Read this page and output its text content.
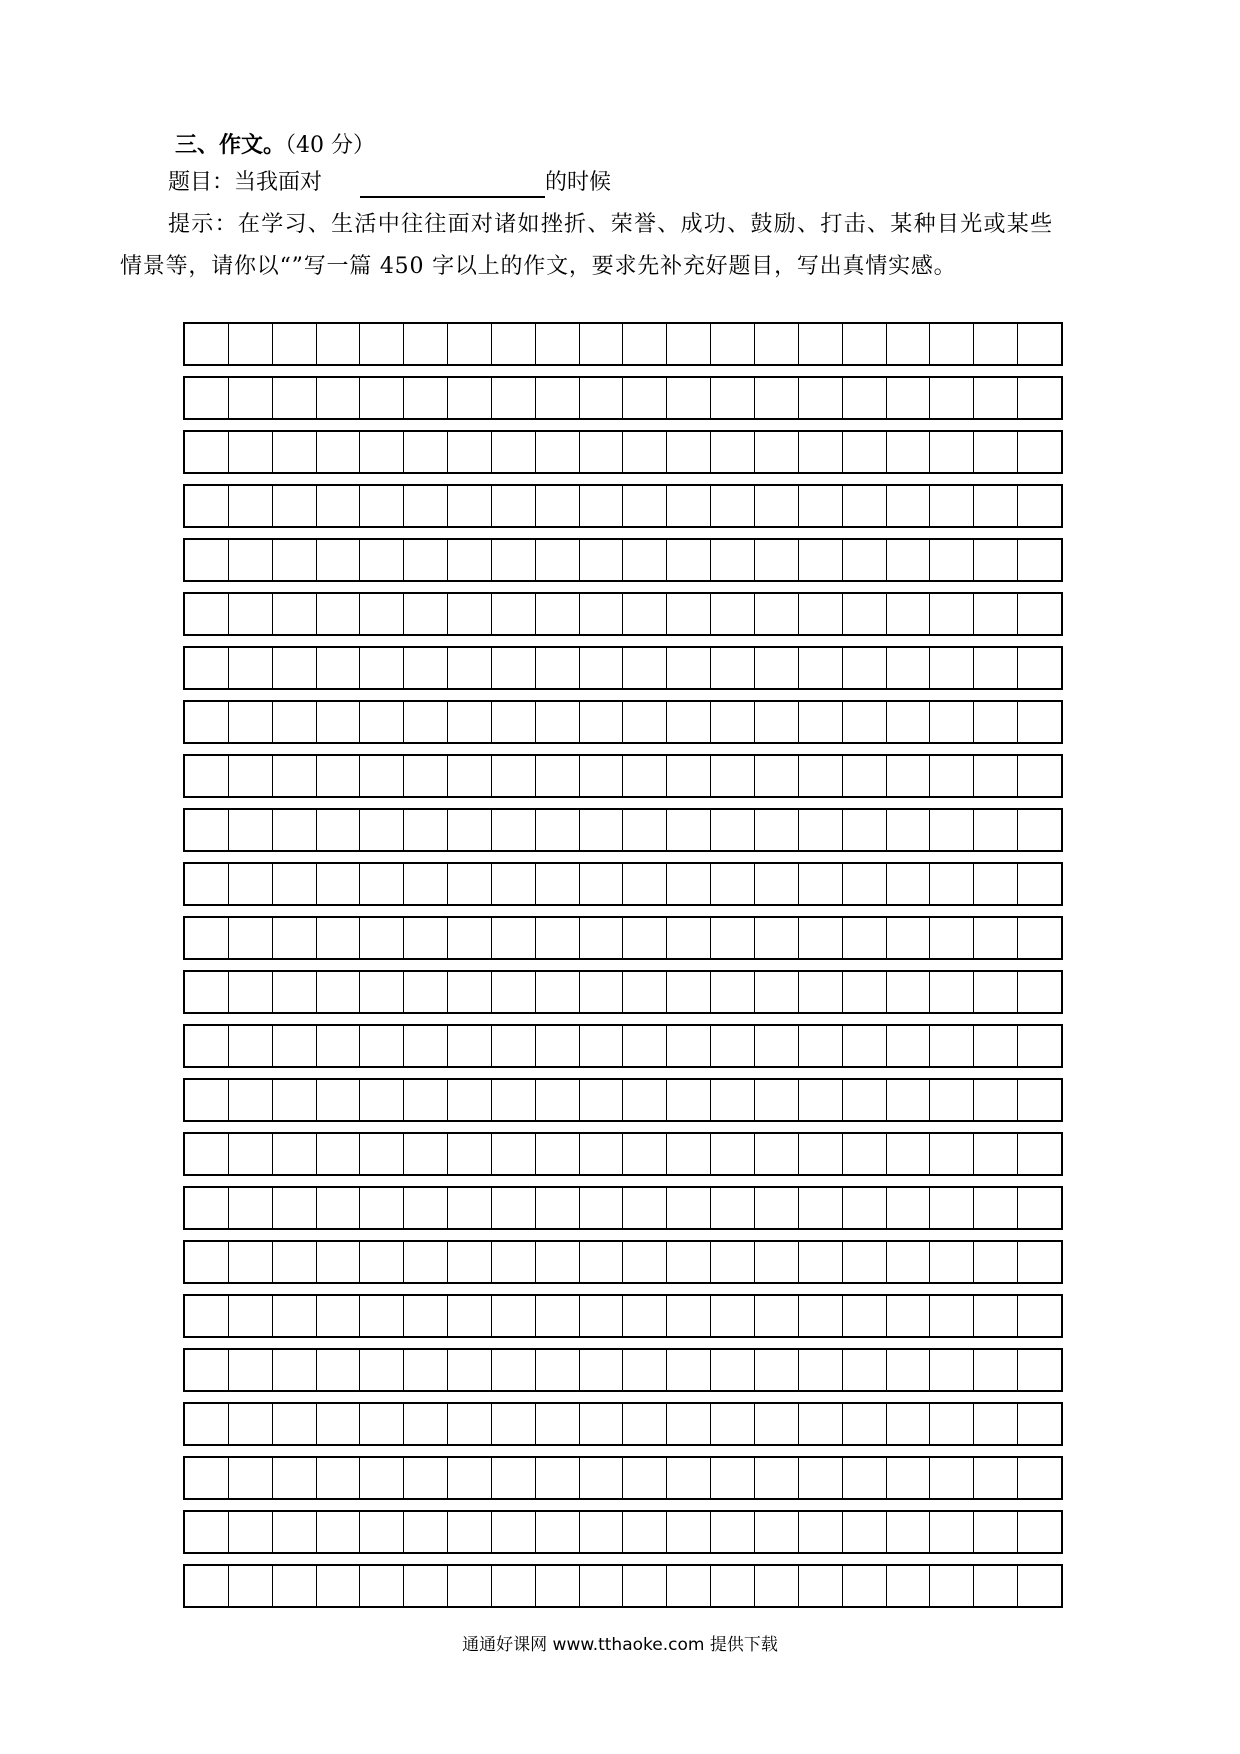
三、作文。（40 分）
题目：当我面对	的时候
提示：在学习、生活中往往面对诸如挫折、荣誉、成功、鼓励、打击、某种目光或某些
情景等，请你以“”写一篇 450 字以上的作文，要求先补充好题目，写出真情实感。
通通好课网 www.tthaoke.com 提供下载
